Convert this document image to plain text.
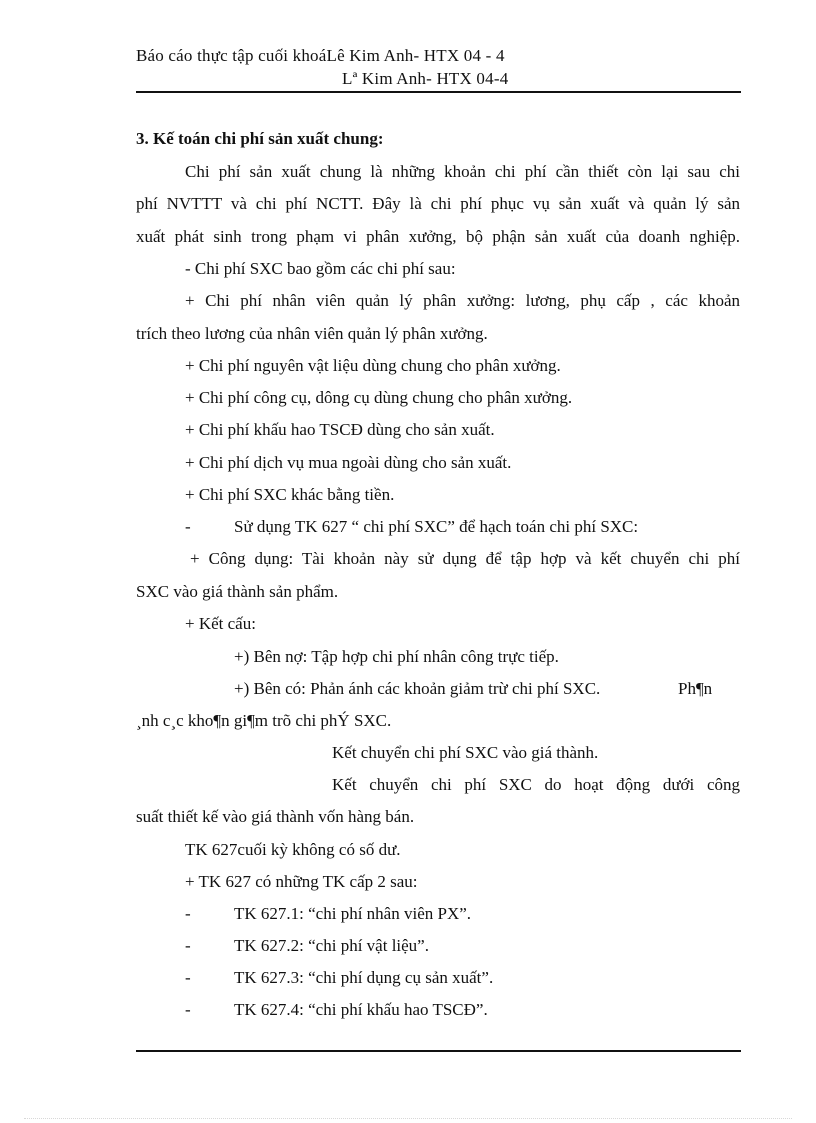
Báo cáo thực tập cuối khoáLê Kim Anh- HTX 04 - 4
Lª Kim Anh- HTX 04-4
3. Kế toán chi phí sản xuất chung:
Chi phí sản xuất chung là những khoản chi phí cần thiết còn lại sau chi
phí NVTTT và chi phí NCTT. Đây là chi phí phục vụ sản xuất và quản lý sản
xuất phát sinh trong phạm vi phân xưởng, bộ phận sản xuất của doanh nghiệp.
- Chi phí SXC bao gồm các chi phí sau:
+ Chi phí nhân viên quản lý phân xưởng: lương, phụ cấp , các khoản
trích theo lương của nhân viên quản lý phân xưởng.
+ Chi phí nguyên vật liệu dùng chung cho phân xưởng.
+ Chi phí công cụ, dông cụ dùng chung cho phân xưởng.
+ Chi phí khấu hao TSCĐ dùng cho sản xuất.
+ Chi phí dịch vụ mua ngoài dùng cho sản xuất.
+ Chi phí SXC khác bằng tiền.
-	Sử dụng TK 627 “ chi phí SXC” để hạch toán chi phí SXC:
+ Công dụng: Tài khoản này sử dụng để tập hợp và kết chuyển chi phí
SXC vào giá thành sản phẩm.
+ Kết cấu:
+) Bên nợ: Tập hợp chi phí nhân công trực tiếp.
+) Bên có: Phản ánh các khoản giảm trừ chi phí SXC.	Ph¶n
¸nh c¸c kho¶n gi¶m trõ chi phÝ SXC.
Kết chuyển chi phí SXC vào giá thành.
Kết chuyển chi phí SXC do hoạt động dưới công
suất thiết kế vào giá thành vốn hàng bán.
TK 627cuối kỳ không có số dư.
+ TK 627 có những TK cấp 2 sau:
-	TK 627.1: “chi phí nhân viên PX”.
-	TK 627.2: “chi phí vật liệu”.
-	TK 627.3: “chi phí dụng cụ sản xuất”.
-	TK 627.4: “chi phí khấu hao TSCĐ”.
